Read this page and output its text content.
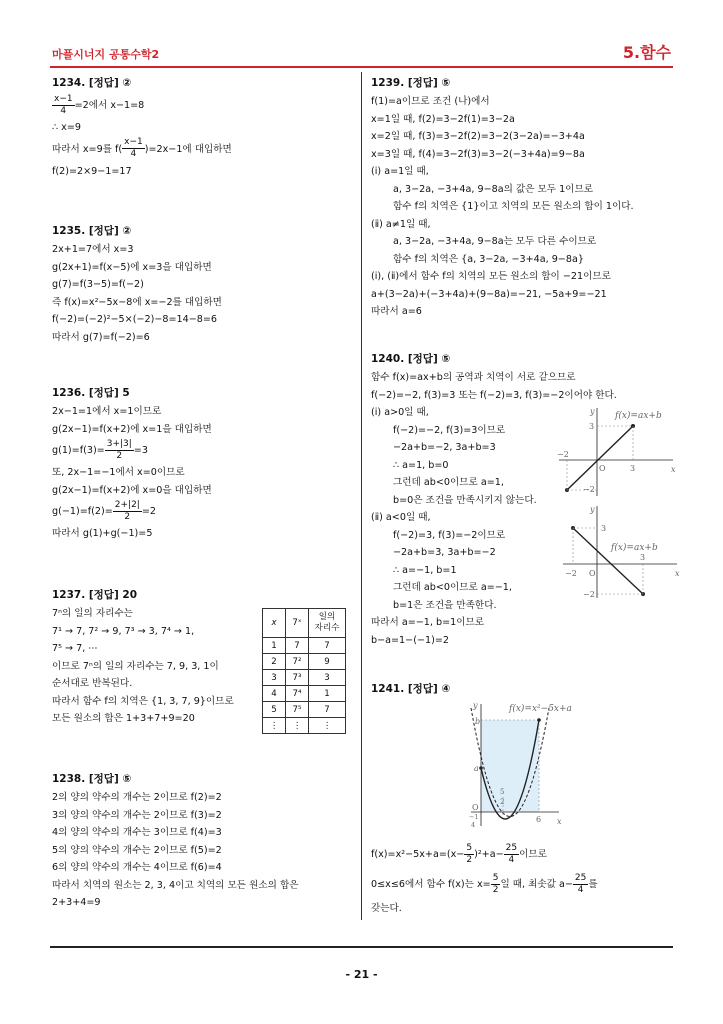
마플시너지 공통수학2	5.함수
1234. [정답] ②
$\frac{x-1}{4} =2$에서 x−1=8
∴ x=9
따라서 x=9를 $f( \frac{x-1}{4} )=2x-1$에 대입하면
f(2)=2×9−1=17
1235. [정답] ②
2x+1=7에서 x=3
g(2x+1)=f(x−5)에 x=3을 대입하면
g(7)=f(3−5)=f(−2)
즉 f(x)=x²−5x−8에 x=−2를 대입하면
f(−2)=(−2)²−5×(−2)−8=14−8=6
따라서 g(7)=f(−2)=6
1236. [정답] 5
2x−1=1에서 x=1이므로
g(2x−1)=f(x+2)에 x=1을 대입하면
$g(1)=f(3)= \frac{3+|3|}{2} =3$
또, 2x−1=−1에서 x=0이므로
g(2x−1)=f(x+2)에 x=0을 대입하면
$g(-1)=f(2)= \frac{2+|2|}{2} =2$
따라서 g(1)+g(−1)=5
1237. [정답] 20
7ⁿ의 일의 자리수는
7¹ → 7, 7² → 9, 7³ → 3, 7⁴ → 1,
7⁵ → 7, ⋯
이므로 7ⁿ의 일의 자리수는 7, 9, 3, 1이
순서대로 반복된다.
따라서 함수 f의 치역은 {1, 3, 7, 9}이므로
모든 원소의 합은 1+3+7+9=20
x	7ˣ	일의
자리수
1	7	7
2	7²	9
3	7³	3
4	7⁴	1
5	7⁵	7
⋮	⋮	⋮
1238. [정답] ⑤
2의 양의 약수의 개수는 2이므로 f(2)=2
3의 양의 약수의 개수는 2이므로 f(3)=2
4의 양의 약수의 개수는 3이므로 f(4)=3
5의 양의 약수의 개수는 2이므로 f(5)=2
6의 양의 약수의 개수는 4이므로 f(6)=4
따라서 치역의 원소는 2, 3, 4이고 치역의 모든 원소의 합은
2+3+4=9
1239. [정답] ⑤
f(1)=a이므로 조건 (나)에서
x=1일 때, f(2)=3−2f(1)=3−2a
x=2일 때, f(3)=3−2f(2)=3−2(3−2a)=−3+4a
x=3일 때, f(4)=3−2f(3)=3−2(−3+4a)=9−8a
(ⅰ) a=1일 때,
a, 3−2a, −3+4a, 9−8a의 값은 모두 1이므로
함수 f의 치역은 {1}이고 치역의 모든 원소의 합이 1이다.
(ⅱ) a≠1일 때,
a, 3−2a, −3+4a, 9−8a는 모두 다른 수이므로
함수 f의 치역은 {a, 3−2a, −3+4a, 9−8a}
(ⅰ), (ⅱ)에서 함수 f의 치역의 모든 원소의 합이 −21이므로
a+(3−2a)+(−3+4a)+(9−8a)=−21, −5a+9=−21
따라서 a=6
1240. [정답] ⑤
함수 f(x)=ax+b의 공역과 치역이 서로 같으므로
f(−2)=−2, f(3)=3 또는 f(−2)=3, f(3)=−2이어야 한다.
(ⅰ) a>0일 때,
f(−2)=−2, f(3)=3이므로
−2a+b=−2, 3a+b=3
∴ a=1, b=0
그런데 ab<0이므로 a=1,
b=0은 조건을 만족시키지 않는다.
(ⅱ) a<0일 때,
f(−2)=3, f(3)=−2이므로
−2a+b=3, 3a+b=−2
∴ a=−1, b=1
그런데 ab<0이므로 a=−1,
b=1은 조건을 만족한다.
따라서 a=−1, b=1이므로
b−a=1−(−1)=2
f(x)=ax+b
y
x
O
3
−2
3
−2
f(x)=ax+b
y
x
O
3
−2
3
−2
1241. [정답] ④
f(x)=x²−5x+a
y
x
O
b
a
5
2
6
−1
4
$f(x)=x^2-5x+a=(x- \frac{5}{2} )^2+a- \frac{25}{4}$ 이므로
0≤x≤6에서 함수 f(x)는 $x= \frac{5}{2}$ 일 때, 최솟값 $a- \frac{25}{4}$ 를
갖는다.
- 21 -
